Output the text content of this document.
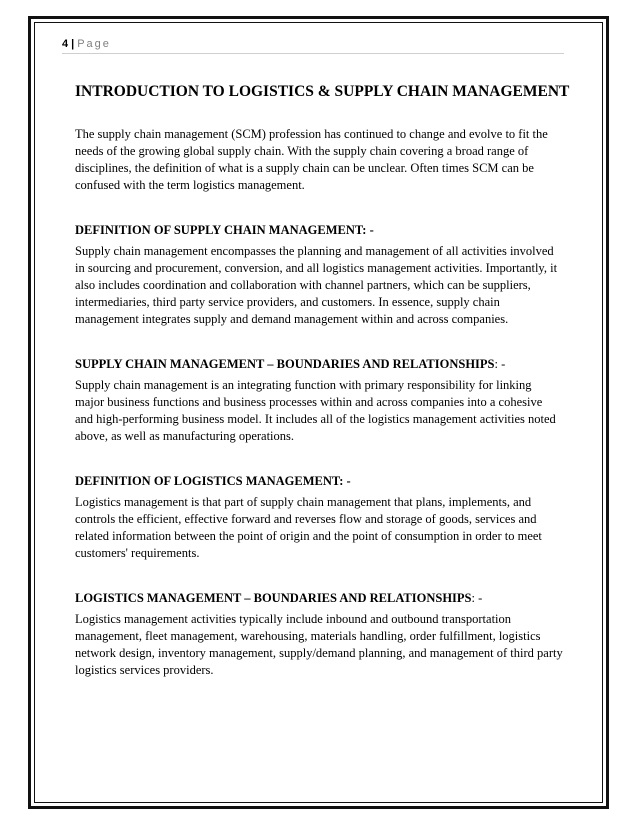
4 | Page
INTRODUCTION TO LOGISTICS & SUPPLY CHAIN MANAGEMENT

The supply chain management (SCM) profession has continued to change and evolve to fit the needs of the growing global supply chain. With the supply chain covering a broad range of disciplines, the definition of what is a supply chain can be unclear. Often times SCM can be confused with the term logistics management.

DEFINITION OF SUPPLY CHAIN MANAGEMENT: -

Supply chain management encompasses the planning and management of all activities involved in sourcing and procurement, conversion, and all logistics management activities. Importantly, it also includes coordination and collaboration with channel partners, which can be suppliers, intermediaries, third party service providers, and customers. In essence, supply chain management integrates supply and demand management within and across companies.

SUPPLY CHAIN MANAGEMENT – BOUNDARIES AND RELATIONSHIPS: -

Supply chain management is an integrating function with primary responsibility for linking major business functions and business processes within and across companies into a cohesive and high-performing business model. It includes all of the logistics management activities noted above, as well as manufacturing operations.

DEFINITION OF LOGISTICS MANAGEMENT: -

Logistics management is that part of supply chain management that plans, implements, and controls the efficient, effective forward and reverses flow and storage of goods, services and related information between the point of origin and the point of consumption in order to meet customers' requirements.

LOGISTICS MANAGEMENT – BOUNDARIES AND RELATIONSHIPS: -

Logistics management activities typically include inbound and outbound transportation management, fleet management, warehousing, materials handling, order fulfillment, logistics network design, inventory management, supply/demand planning, and management of third party logistics services providers.
